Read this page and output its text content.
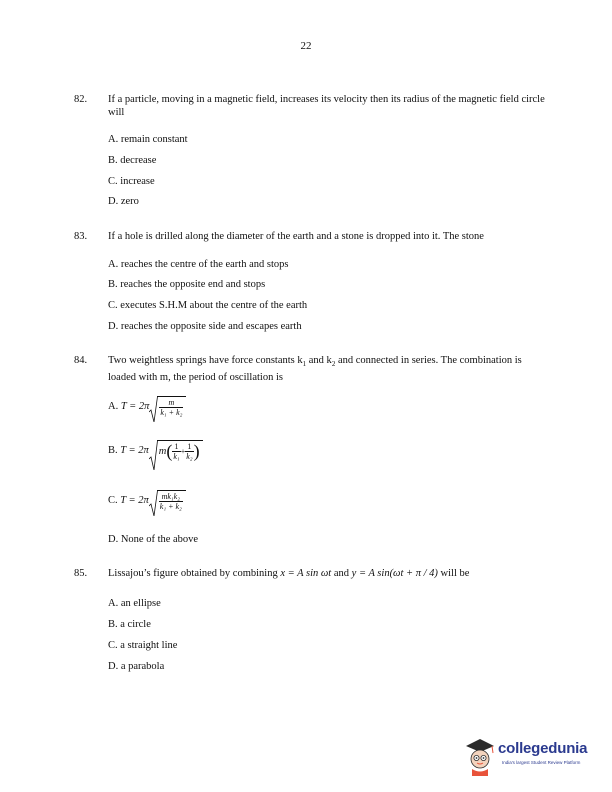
22
82. If a particle, moving in a magnetic field, increases its velocity then its radius of the magnetic field circle will
A. remain constant
B. decrease
C. increase
D. zero
83. If a hole is drilled along the diameter of the earth and a stone is dropped into it. The stone
A. reaches the centre of the earth and stops
B. reaches the opposite end and stops
C. executes S.H.M about the centre of the earth
D. reaches the opposite side and escapes earth
84. Two weightless springs have force constants $k_1$ and $k_2$ and connected in series. The combination is loaded with m, the period of oscillation is
A. $T = 2\pi \frac{m}{\text{k₁ + k₂}}$
B. T = 2π $m( \frac{1}{\text{k₁}} + \frac{1}{\text{k₂}}$ )
C. $T = 2\pi \frac{\text{mk₁k₂}}{\text{k₁ + k₂}}$
D. None of the above
85. Lissajou’s figure obtained by combining x = A sin ωt and y = A sin(ωt + π / 4) will be
A. an ellipse
B. a circle
C. a straight line
D. a parabola
collegedunia
India's largest Student Review Platform
